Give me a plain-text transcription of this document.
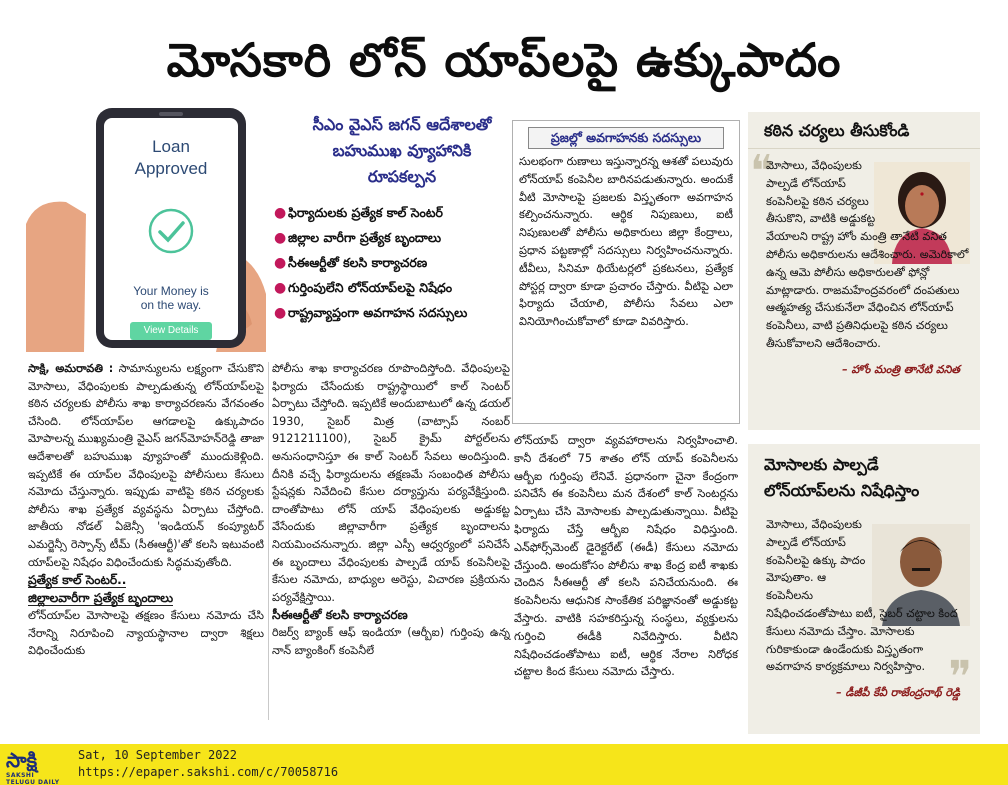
మోసకారి లోన్ యాప్‌లపై ఉక్కుపాదం
Loan
Approved
Your Money is
on the way.
View Details
సీఎం వైఎస్ జగన్ ఆదేశాలతో బహుముఖ వ్యూహానికి రూపకల్పన
● ఫిర్యాదులకు ప్రత్యేక కాల్ సెంటర్
● జిల్లాల వారీగా ప్రత్యేక బృందాలు
● సీఈఆర్టీతో కలసి కార్యాచరణ
● గుర్తింపులేని లోన్‌యాప్‌లపై నిషేధం
● రాష్ట్రవ్యాప్తంగా అవగాహన సదస్సులు

సాక్షి, అమరావతి : సామాన్యులను లక్ష్యంగా చేసుకొని మోసాలు, వేధింపులకు పాల్పడుతున్న లోన్‌యాప్‌లపై కఠిన చర్యలకు పోలీసు శాఖ కార్యాచరణను వేగవంతం చేసింది. లోన్‌యాప్‌ల ఆగడాలపై ఉక్కుపాదం మోపాలన్న ముఖ్యమంత్రి వైఎస్ జగన్‌మోహన్‌రెడ్డి తాజా ఆదేశాలతో బహుముఖ వ్యూహంతో ముందుకెళ్లింది. ఇప్పటికే ఈ యాప్‌ల వేధింపులపై పోలీసులు కేసులు నమోదు చేస్తున్నారు. ఇప్పుడు వాటిపై కఠిన చర్యలకు పోలీసు శాఖ ప్రత్యేక వ్యవస్థను ఏర్పాటు చేస్తోంది. జాతీయ నోడల్ ఏజెన్సీ 'ఇండియన్ కంప్యూటర్ ఎమర్జెన్సీ రెస్పాన్స్ టీమ్ (సీఈఆర్టీ)'తో కలసి ఇటువంటి యాప్‌లపై నిషేధం విధించేందుకు సిద్ధమవుతోంది.

ప్రత్యేక కాల్ సెంటర్..

జిల్లాలవారీగా ప్రత్యేక బృందాలు

లోన్‌యాప్‌ల మోసాలపై తక్షణం కేసులు నమోదు చేసి నేరాన్ని నిరూపించి న్యాయస్థానాల ద్వారా శిక్షలు విధించేందుకు

పోలీసు శాఖ కార్యాచరణ రూపొందిస్తోంది. వేధింపులపై ఫిర్యాదు చేసేందుకు రాష్ట్రస్థాయిలో కాల్ సెంటర్ ఏర్పాటు చేస్తోంది. ఇప్పటికే అందుబాటులో ఉన్న డయల్ 1930, సైబర్ మిత్ర (వాట్సాప్ నంబర్ 9121211100), సైబర్ క్రైమ్ పోర్టల్‌లను అనుసంధానిస్తూ ఈ కాల్ సెంటర్ సేవలు అందిస్తుంది. దీనికి వచ్చే ఫిర్యాదులను తక్షణమే సంబంధిత పోలీసు స్టేషన్లకు నివేదించి కేసుల దర్యాప్తును పర్యవేక్షిస్తుంది. దాంతోపాటు లోన్ యాప్ వేధింపులకు అడ్డుకట్ట వేసేందుకు జిల్లావారీగా ప్రత్యేక బృందాలను నియమించనున్నారు. జిల్లా ఎస్పీ ఆధ్వర్యంలో పనిచేసే ఈ బృందాలు వేధింపులకు పాల్పడే యాప్ కంపెనీలపై కేసుల నమోదు, బాధ్యుల అరెస్టు, విచారణ ప్రక్రియను పర్యవేక్షిస్తాయి.

సీఈఆర్టీతో కలసి కార్యాచరణ

రిజర్వ్ బ్యాంక్ ఆఫ్ ఇండియా (ఆర్బీఐ) గుర్తింపు ఉన్న నాన్ బ్యాంకింగ్ కంపెనీలే

ప్రజల్లో అవగాహనకు సదస్సులు
సులభంగా రుణాలు ఇస్తున్నారన్న ఆశతో పలువురు లోన్‌యాప్ కంపెనీల బారినపడుతున్నారు. అందుకే వీటి మోసాలపై ప్రజలకు విస్తృతంగా అవగాహన కల్పించనున్నారు. ఆర్థిక నిపుణులు, ఐటీ నిపుణులతో పోలీసు అధికారులు జిల్లా కేంద్రాలు, ప్రధాన పట్టణాల్లో సదస్సులు నిర్వహించనున్నారు. టీవీలు, సినిమా థియేటర్లలో ప్రకటనలు, ప్రత్యేక పోస్టర్ల ద్వారా కూడా ప్రచారం చేస్తారు. వీటిపై ఎలా ఫిర్యాదు చేయాలి, పోలీసు సేవలు ఎలా వినియోగించుకోవాలో కూడా వివరిస్తారు.
లోన్‌యాప్ ద్వారా వ్యవహారాలను నిర్వహించాలి. కానీ దేశంలో 75 శాతం లోన్ యాప్ కంపెనీలను ఆర్బీఐ గుర్తింపు లేనివే. ప్రధానంగా చైనా కేంద్రంగా పనిచేసే ఈ కంపెనీలు మన దేశంలో కాల్ సెంటర్లను ఏర్పాటు చేసి మోసాలకు పాల్పడుతున్నాయి. వీటిపై ఫిర్యాదు చేస్తే ఆర్బీఐ నిషేధం విధిస్తుంది. ఎన్‌ఫోర్స్‌మెంట్ డైరెక్టరేట్ (ఈడీ) కేసులు నమోదు చేస్తుంది. అందుకోసం పోలీసు శాఖ కేంద్ర ఐటీ శాఖకు చెందిన సీఈఆర్టీ తో కలసి పనిచేయనుంది. ఈ కంపెనీలను ఆధునిక సాంకేతిక పరిజ్ఞానంతో అడ్డుకట్ట వేస్తారు. వాటికి సహకరిస్తున్న సంస్థలు, వ్యక్తులను గుర్తించి ఈడీకి నివేదిస్తారు. వీటిని నిషేధించడంతోపాటు ఐటీ, ఆర్థిక నేరాల నిరోధక చట్టాల కింద కేసులు నమోదు చేస్తారు.
కఠిన చర్యలు తీసుకోండి
❝
మోసాలు, వేధింపులకు పాల్పడే లోన్‌యాప్ కంపెనీలపై కఠిన చర్యలు తీసుకొని, వాటికి అడ్డుకట్ట
వేయాలని రాష్ట్ర హోం మంత్రి తానేటి వనిత పోలీసు అధికారులను ఆదేశించారు. అమెరికాలో ఉన్న ఆమె పోలీసు అధికారులతో ఫోన్లో మాట్లాడారు. రాజమహేంద్రవరంలో దంపతులు ఆత్మహత్య చేసుకునేలా వేధించిన లోన్‌యాప్ కంపెనీలు, వాటి ప్రతినిధులపై కఠిన చర్యలు తీసుకోవాలని ఆదేశించారు.
– హోం మంత్రి తానేటి వనిత
మోసాలకు పాల్పడే లోన్‌యాప్‌లను నిషేధిస్తాం
మోసాలు, వేధింపులకు పాల్పడే లోన్‌యాప్ కంపెనీలపై ఉక్కు పాదం మోపుతాం. ఆ కంపెనీలను
నిషేధించడంతోపాటు ఐటీ, సైబర్ చట్టాల కింద కేసులు నమోదు చేస్తాం. మోసాలకు గురికాకుండా ఉండేందుకు విస్తృతంగా అవగాహన కార్యక్రమాలు నిర్వహిస్తాం.
– డీజీపీ కేవీ రాజేంద్రనాథ్ రెడ్డి
❞
సాక్షి
SAKSHI TELUGU DAILY
Sat, 10 September 2022
https://epaper.sakshi.com/c/70058716
